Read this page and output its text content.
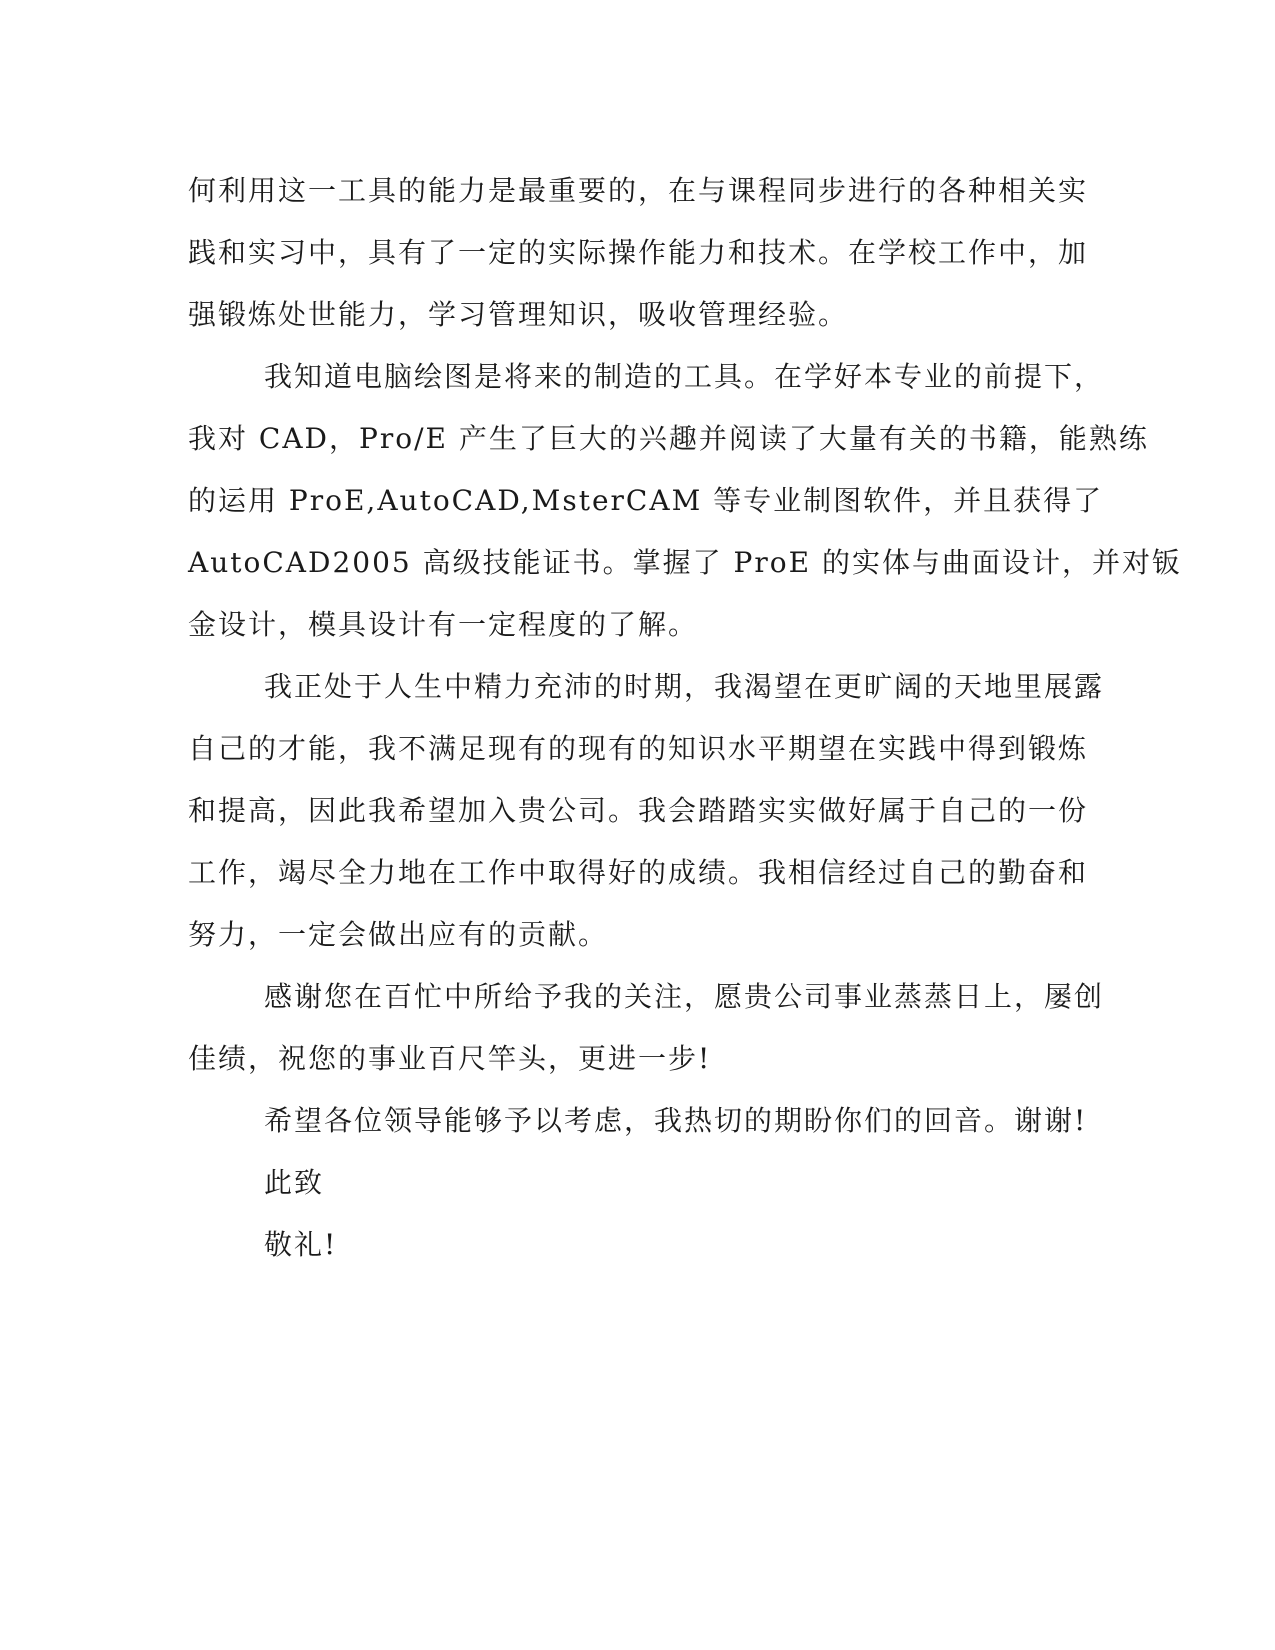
何利用这一工具的能力是最重要的，在与课程同步进行的各种相关实
践和实习中，具有了一定的实际操作能力和技术。在学校工作中，加
强锻炼处世能力，学习管理知识，吸收管理经验。
我知道电脑绘图是将来的制造的工具。在学好本专业的前提下，
我对 CAD，Pro/E 产生了巨大的兴趣并阅读了大量有关的书籍，能熟练
的运用 ProE,AutoCAD,MsterCAM 等专业制图软件，并且获得了
AutoCAD2005 高级技能证书。掌握了 ProE 的实体与曲面设计，并对钣
金设计，模具设计有一定程度的了解。
我正处于人生中精力充沛的时期，我渴望在更旷阔的天地里展露
自己的才能，我不满足现有的现有的知识水平期望在实践中得到锻炼
和提高，因此我希望加入贵公司。我会踏踏实实做好属于自己的一份
工作，竭尽全力地在工作中取得好的成绩。我相信经过自己的勤奋和
努力，一定会做出应有的贡献。
感谢您在百忙中所给予我的关注，愿贵公司事业蒸蒸日上，屡创
佳绩，祝您的事业百尺竿头，更进一步!
希望各位领导能够予以考虑，我热切的期盼你们的回音。谢谢!
此致
敬礼!
